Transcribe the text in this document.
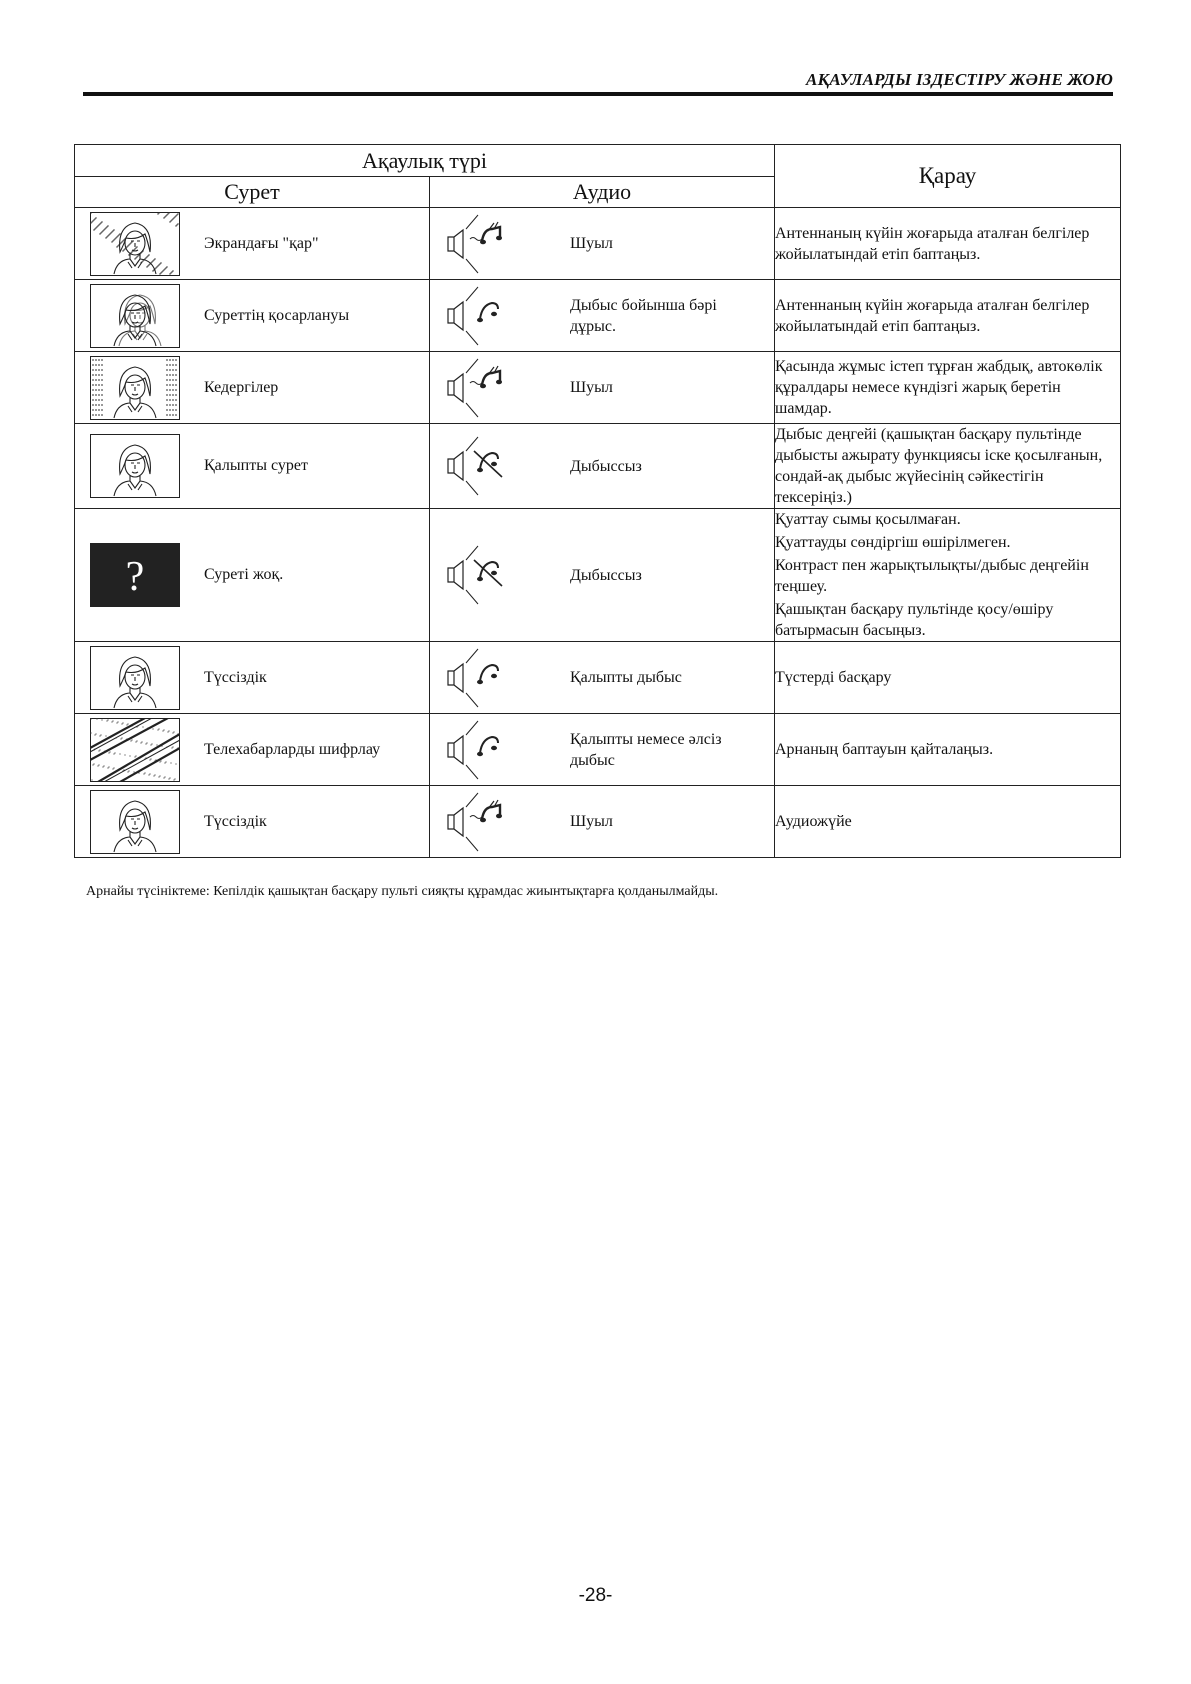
АҚАУЛАРДЫ ІЗДЕСТІРУ ЖӘНЕ ЖОЮ
Ақаулық түрі		Қарау
Сурет	Аудио	

Экрандағы "қар"	Шуыл	Антеннаның күйін жоғарыда аталған белгілер жойылатындай етіп баптаңыз.

Суреттің қосарлануы	Дыбыс бойынша бәрі дұрыс.	Антеннаның күйін жоғарыда аталған белгілер жойылатындай етіп баптаңыз.

Кедергілер	Шуыл	Қасында жұмыс істеп тұрған жабдық, автокөлік құралдары немесе күндізгі жарық беретін шамдар.

Қалыпты сурет	Дыбыссыз	Дыбыс деңгейі (қашықтан басқару пультінде дыбысты ажырату функциясы іске қосылғанын, сондай-ақ дыбыс жүйесінің сәйкестігін тексеріңіз.)

? Суреті жоқ.	Дыбыссыз	Қуаттау сымы қосылмаған.
Қуаттауды сөндіргіш өшірілмеген.
Контраст пен жарықтылықты/дыбыс деңгейін теңшеу.
Қашықтан басқару пультінде қосу/өшіру батырмасын басыңыз.

Түссіздік	Қалыпты дыбыс	Түстерді басқару

Телехабарларды шифрлау	Қалыпты немесе әлсіз дыбыс	Арнаның баптауын қайталаңыз.

Түссіздік	Шуыл	Аудиожүйе
Арнайы түсініктеме: Кепілдік қашықтан басқару пульті сияқты құрамдас жиынтықтарға қолданылмайды.
-28-
